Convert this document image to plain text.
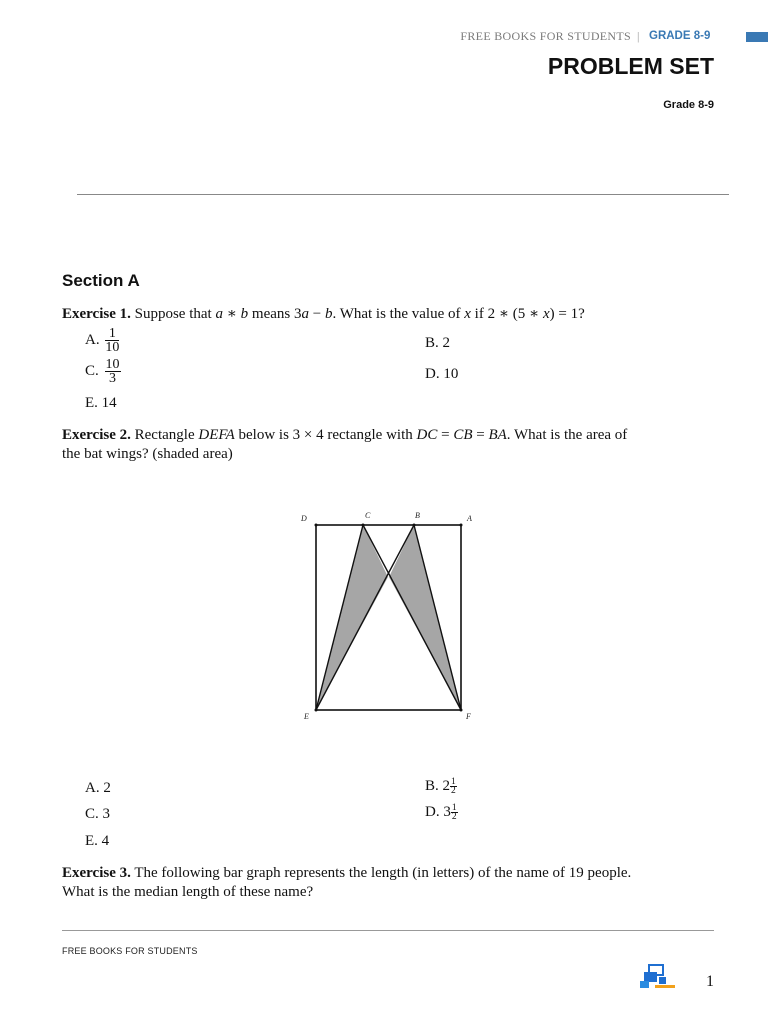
FREE BOOKS FOR STUDENTS | GRADE 8-9
PROBLEM SET
Grade 8-9
Section A
Exercise 1. Suppose that a ∗ b means 3a − b. What is the value of x if 2 ∗ (5 ∗ x) = 1?
A. $\frac{1}{10}$	B. 2
C. $\frac{10}{3}$	D. 10
E. 14
Exercise 2. Rectangle DEFA below is 3 × 4 rectangle with DC = CB = BA. What is the area of
the bat wings? (shaded area)
D	C	B	A
E	F
A. 2	B. $2 \frac{1}{2}$
C. 3	D. $3 \frac{1}{2}$
E. 4
Exercise 3. The following bar graph represents the length (in letters) of the name of 19 people.
What is the median length of these name?
FREE BOOKS FOR STUDENTS
1
